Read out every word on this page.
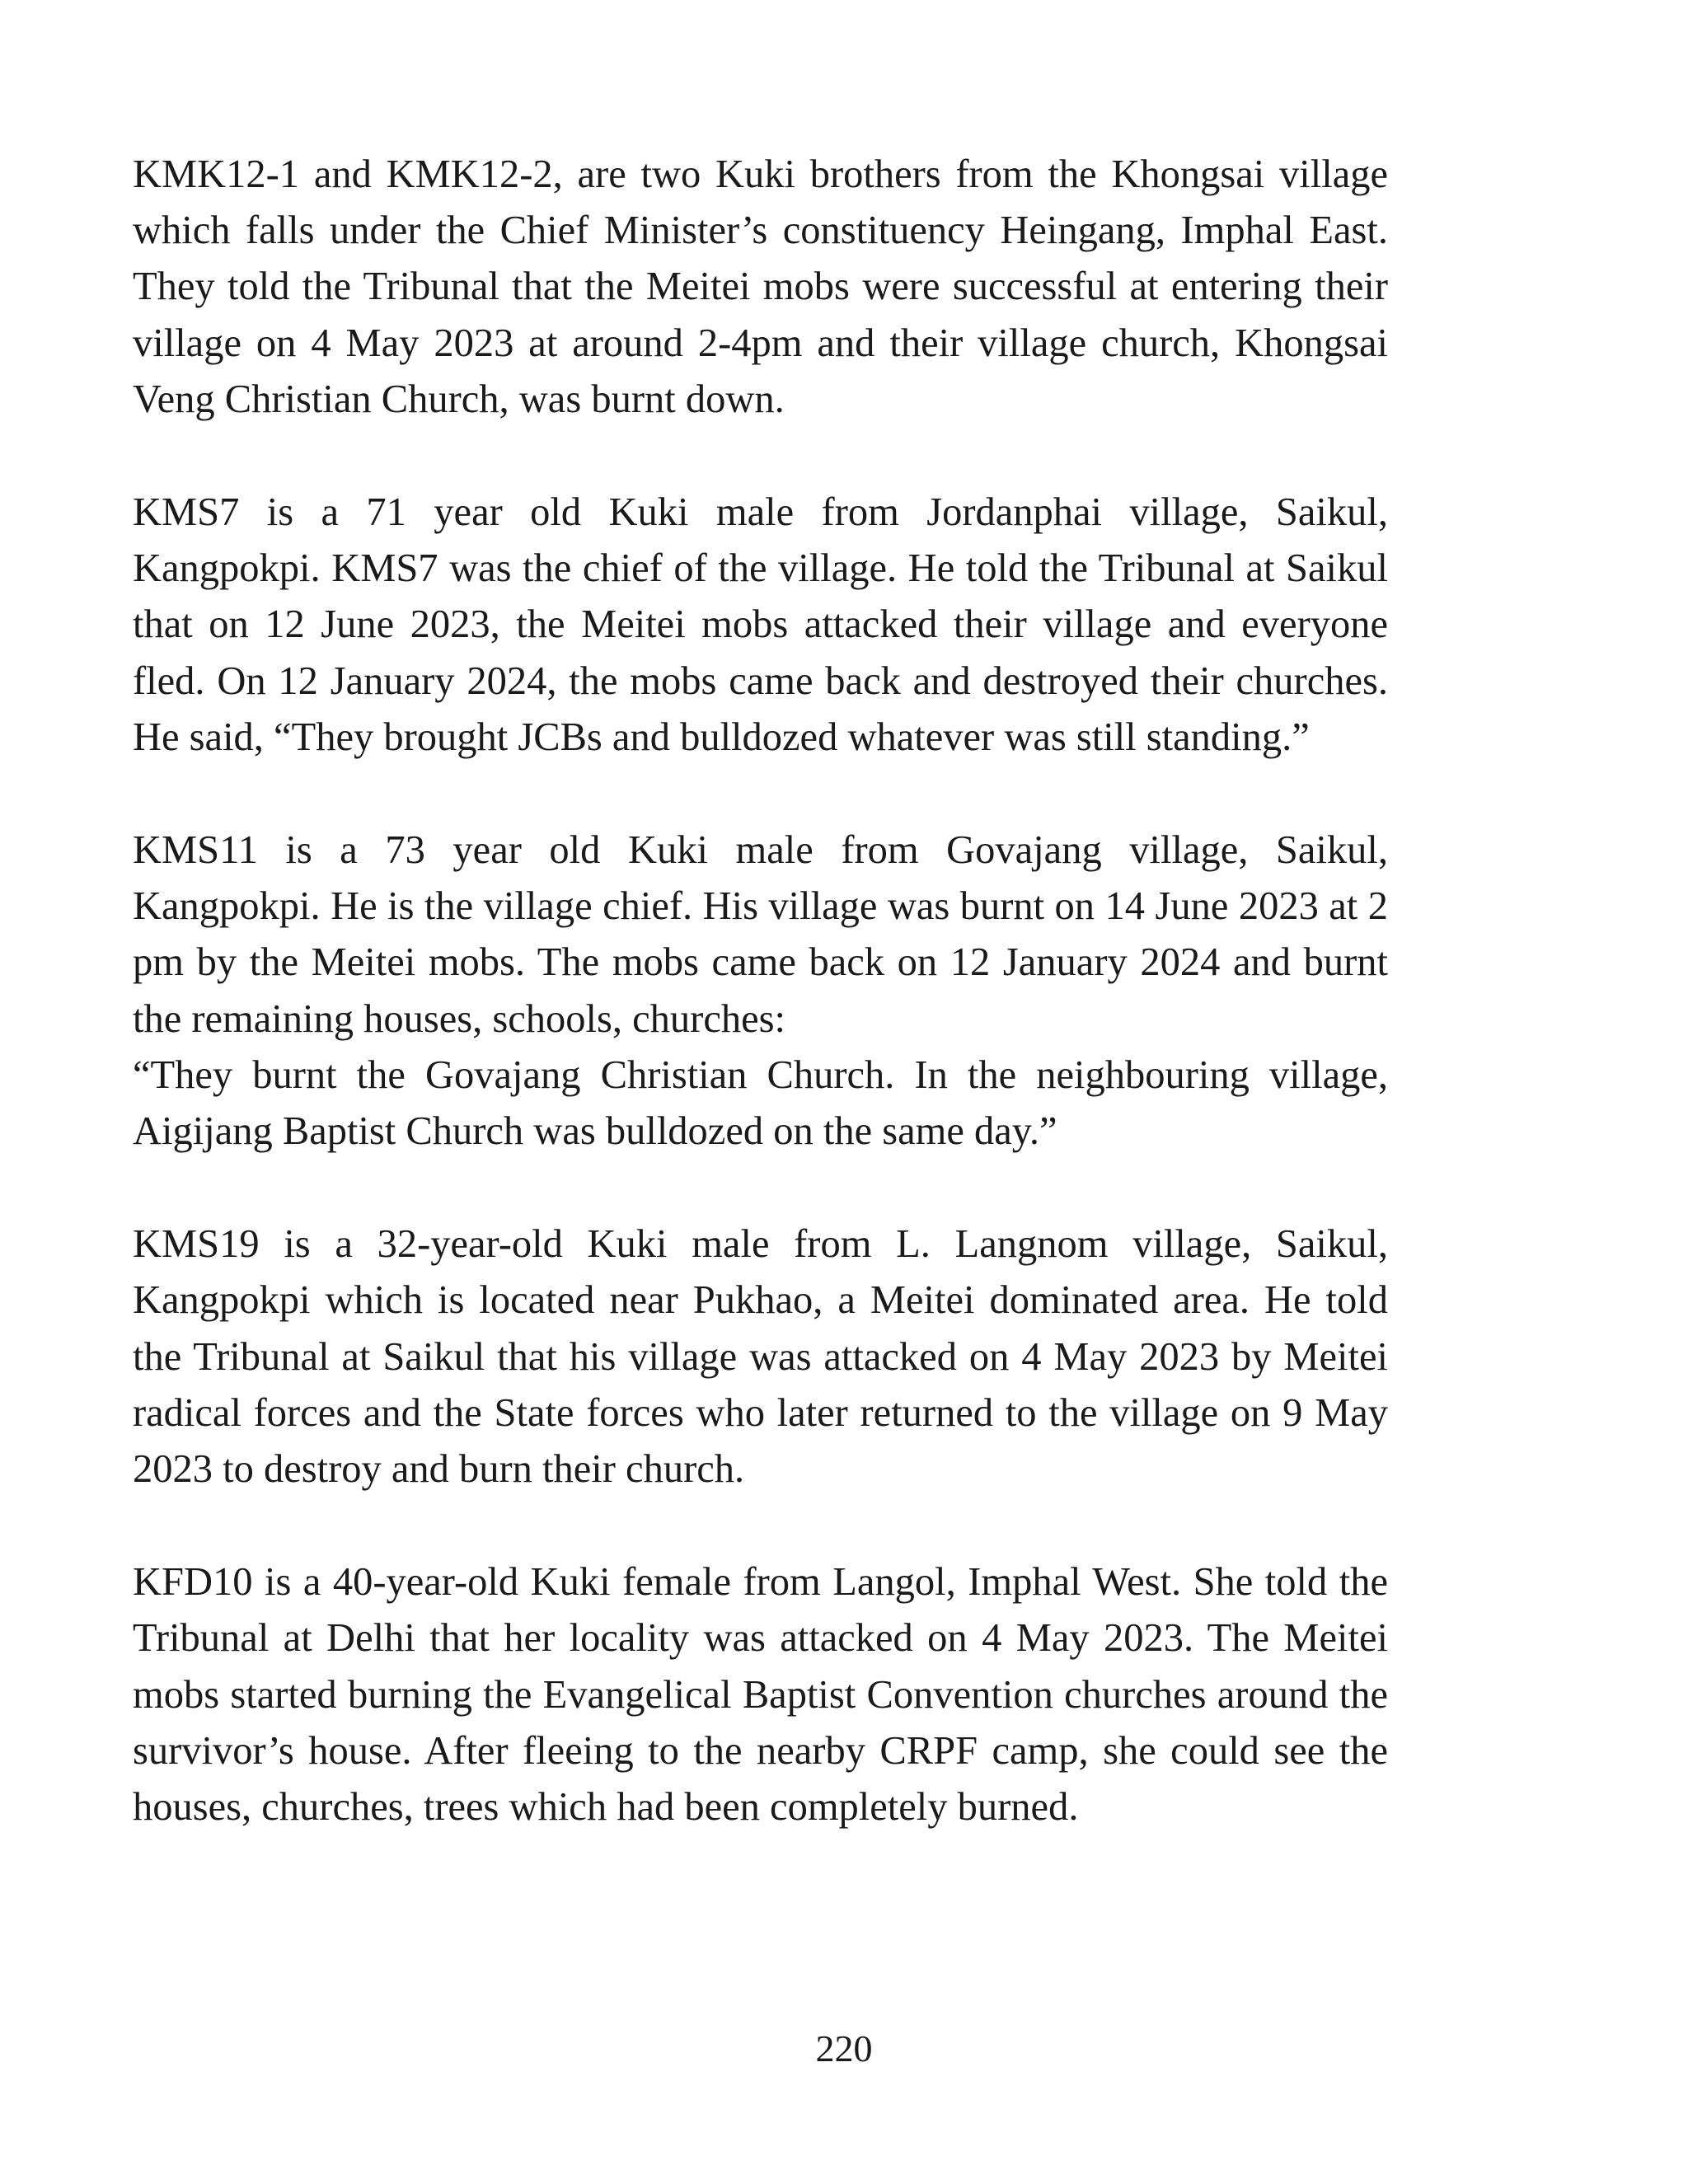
KMK12-1 and KMK12-2, are two Kuki brothers from the Khongsai village which falls under the Chief Minister’s constituency Heingang, Imphal East. They told the Tribunal that the Meitei mobs were successful at entering their village on 4 May 2023 at around 2-4pm and their village church, Khongsai Veng Christian Church, was burnt down.

KMS7 is a 71 year old Kuki male from Jordanphai village, Saikul, Kangpokpi. KMS7 was the chief of the village. He told the Tribunal at Saikul that on 12 June 2023, the Meitei mobs attacked their village and everyone fled. On 12 January 2024, the mobs came back and destroyed their churches. He said, “They brought JCBs and bulldozed whatever was still standing.”

KMS11 is a 73 year old Kuki male from Govajang village, Saikul, Kangpokpi. He is the village chief. His village was burnt on 14 June 2023 at 2 pm by the Meitei mobs. The mobs came back on 12 January 2024 and burnt the remaining houses, schools, churches:

“They burnt the Govajang Christian Church. In the neighbouring village, Aigijang Baptist Church was bulldozed on the same day.”

KMS19 is a 32-year-old Kuki male from L. Langnom village, Saikul, Kangpokpi which is located near Pukhao, a Meitei dominated area. He told the Tribunal at Saikul that his village was attacked on 4 May 2023 by Meitei radical forces and the State forces who later returned to the village on 9 May 2023 to destroy and burn their church.

KFD10 is a 40-year-old Kuki female from Langol, Imphal West. She told the Tribunal at Delhi that her locality was attacked on 4 May 2023. The Meitei mobs started burning the Evangelical Baptist Convention churches around the survivor’s house. After fleeing to the nearby CRPF camp, she could see the houses, churches, trees which had been completely burned.

220
